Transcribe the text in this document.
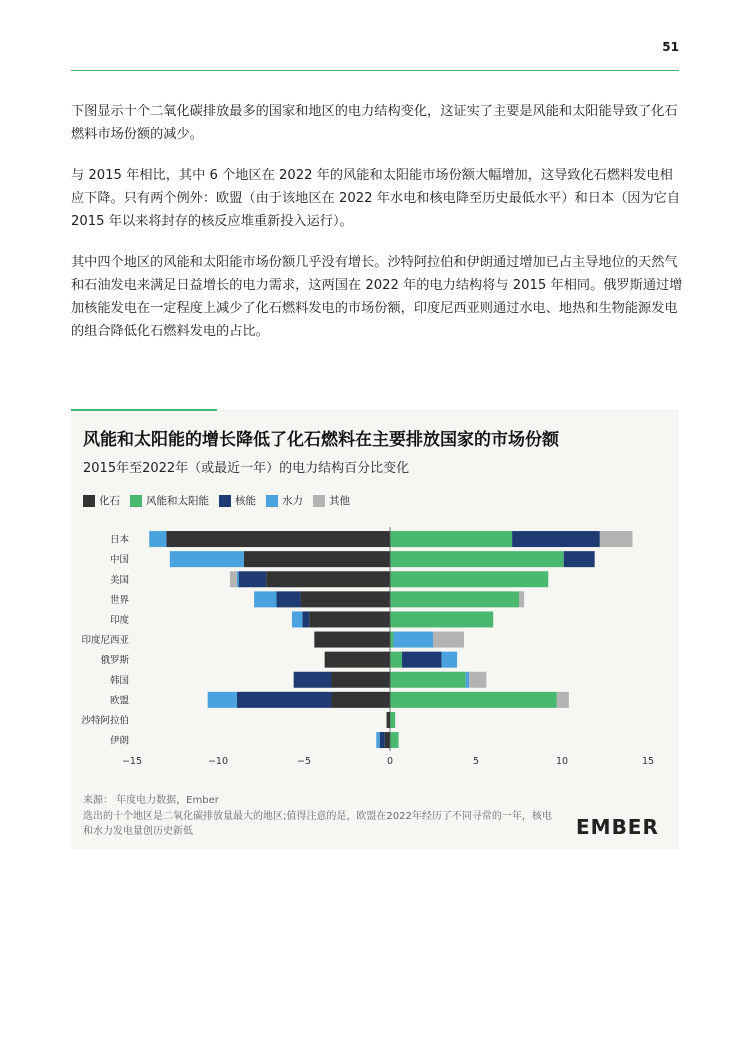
51

下图显示十个二氧化碳排放最多的国家和地区的电力结构变化，这证实了主要是风能和太阳能导致了化石燃料市场份额的减少。

与 2015 年相比，其中 6 个地区在 2022 年的风能和太阳能市场份额大幅增加，这导致化石燃料发电相应下降。只有两个例外：欧盟（由于该地区在 2022 年水电和核电降至历史最低水平）和日本（因为它自 2015 年以来将封存的核反应堆重新投入运行）。

其中四个地区的风能和太阳能市场份额几乎没有增长。沙特阿拉伯和伊朗通过增加已占主导地位的天然气和石油发电来满足日益增长的电力需求，这两国在 2022 年的电力结构将与 2015 年相同。俄罗斯通过增加核能发电在一定程度上减少了化石燃料发电的市场份额，印度尼西亚则通过水电、地热和生物能源发电的组合降低化石燃料发电的占比。

风能和太阳能的增长降低了化石燃料在主要排放国家的市场份额
2015年至2022年（或最近一年）的电力结构百分比变化
化石 风能和太阳能 核能 水力 其他
日本
中国
美国
世界
印度
印度尼西亚
俄罗斯
韩国
欧盟
沙特阿拉伯
伊朗
−15	−10	−5	0	5	10	15
来源： 年度电力数据，Ember
选出的十个地区是二氧化碳排放量最大的地区;值得注意的是，欧盟在2022年经历了不同寻常的一年，核电和水力发电量创历史新低	EMBER
